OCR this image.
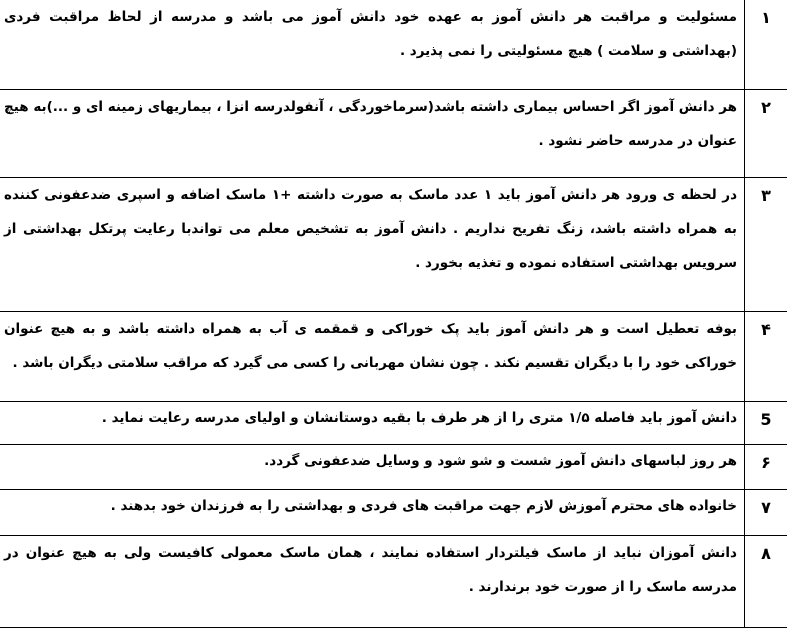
۱	مسئولیت و مراقبت هر دانش آموز به عهده خود دانش آموز می باشد و مدرسه از لحاظ مراقبت فردی (بهداشتی و سلامت ) هیچ مسئولیتی را نمی پذیرد .
۲	هر دانش آموز اگر احساس بیماری داشته باشد(سرماخوردگی ، آنفولدرسه انزا ، بیماریهای زمینه ای و ...)به هیچ عنوان در مدرسه حاضر نشود .
۳	در لحظه ی ورود هر دانش آموز باید ۱ عدد ماسک به صورت داشته +۱ ماسک اضافه و اسپری ضدعفونی کننده به همراه داشته باشد، زنگ تفریح نداریم . دانش آموز به تشخیص معلم می تواندبا رعایت پرتکل بهداشتی از سرویس بهداشتی استفاده نموده و تغذیه بخورد .
۴	بوفه تعطیل است و هر دانش آموز باید پک خوراکی و قمقمه ی آب به همراه داشته باشد و به هیچ عنوان خوراکی خود را با دیگران تقسیم نکند . چون نشان مهربانی را کسی می گیرد که مراقب سلامتی دیگران باشد .
5	دانش آموز باید فاصله ۱/۵ متری را از هر طرف با بقیه دوستانشان و اولیای مدرسه رعایت نماید .
۶	هر روز لباسهای دانش آموز شست و شو شود و وسایل ضدعفونی گردد.
۷	خانواده های محترم آموزش لازم جهت مراقبت های فردی و بهداشتی را به فرزندان خود بدهند .
۸	دانش آموزان نباید از ماسک فیلتردار استفاده نمایند ، همان ماسک معمولی کافیست ولی به هیچ عنوان در مدرسه ماسک را از صورت خود برندارند .
